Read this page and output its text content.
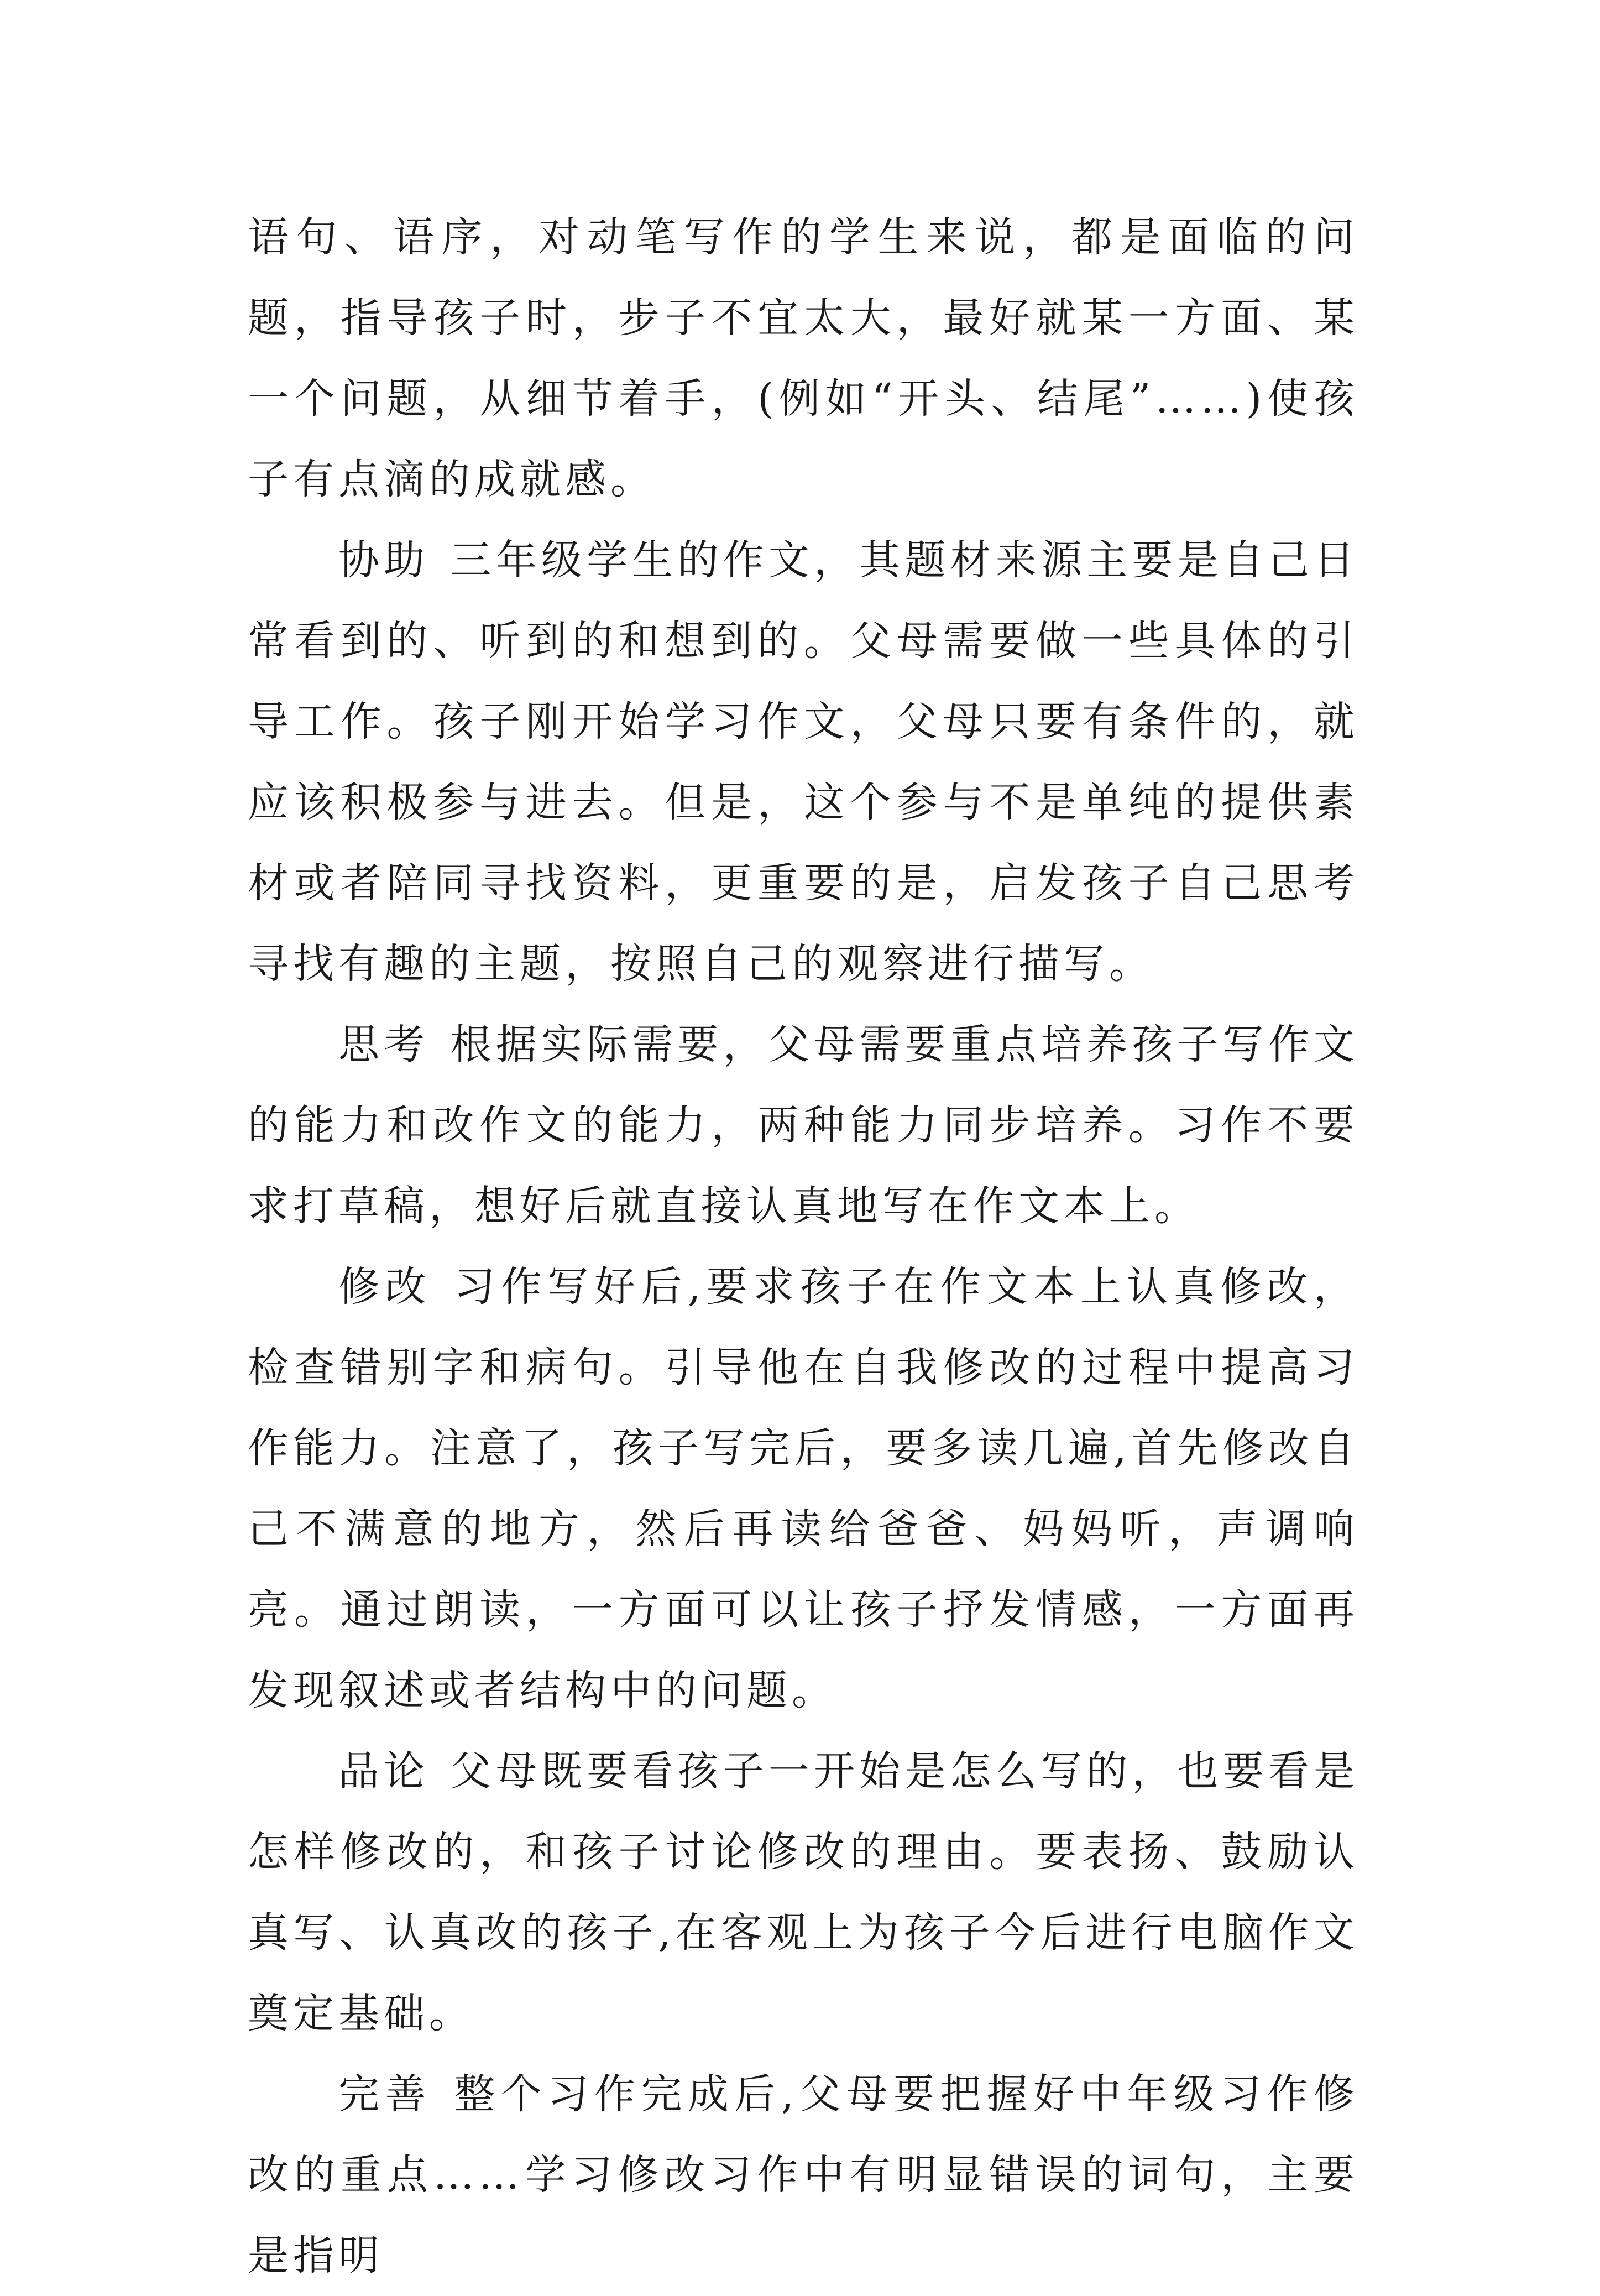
语句、语序，对动笔写作的学生来说，都是面临的问题，指导孩子时，步子不宜太大，最好就某一方面、某一个问题，从细节着手，(例如“开头、结尾”……)使孩子有点滴的成就感。

协助 三年级学生的作文，其题材来源主要是自己日常看到的、听到的和想到的。父母需要做一些具体的引导工作。孩子刚开始学习作文，父母只要有条件的，就应该积极参与进去。但是，这个参与不是单纯的提供素材或者陪同寻找资料，更重要的是，启发孩子自己思考寻找有趣的主题，按照自己的观察进行描写。

思考 根据实际需要，父母需要重点培养孩子写作文的能力和改作文的能力，两种能力同步培养。习作不要求打草稿，想好后就直接认真地写在作文本上。

修改 习作写好后,要求孩子在作文本上认真修改，检查错别字和病句。引导他在自我修改的过程中提高习作能力。注意了，孩子写完后，要多读几遍,首先修改自己不满意的地方，然后再读给爸爸、妈妈听，声调响亮。通过朗读，一方面可以让孩子抒发情感，一方面再发现叙述或者结构中的问题。

品论 父母既要看孩子一开始是怎么写的，也要看是怎样修改的，和孩子讨论修改的理由。要表扬、鼓励认真写、认真改的孩子,在客观上为孩子今后进行电脑作文奠定基础。

完善 整个习作完成后,父母要把握好中年级习作修改的重点……学习修改习作中有明显错误的词句，主要是指明
